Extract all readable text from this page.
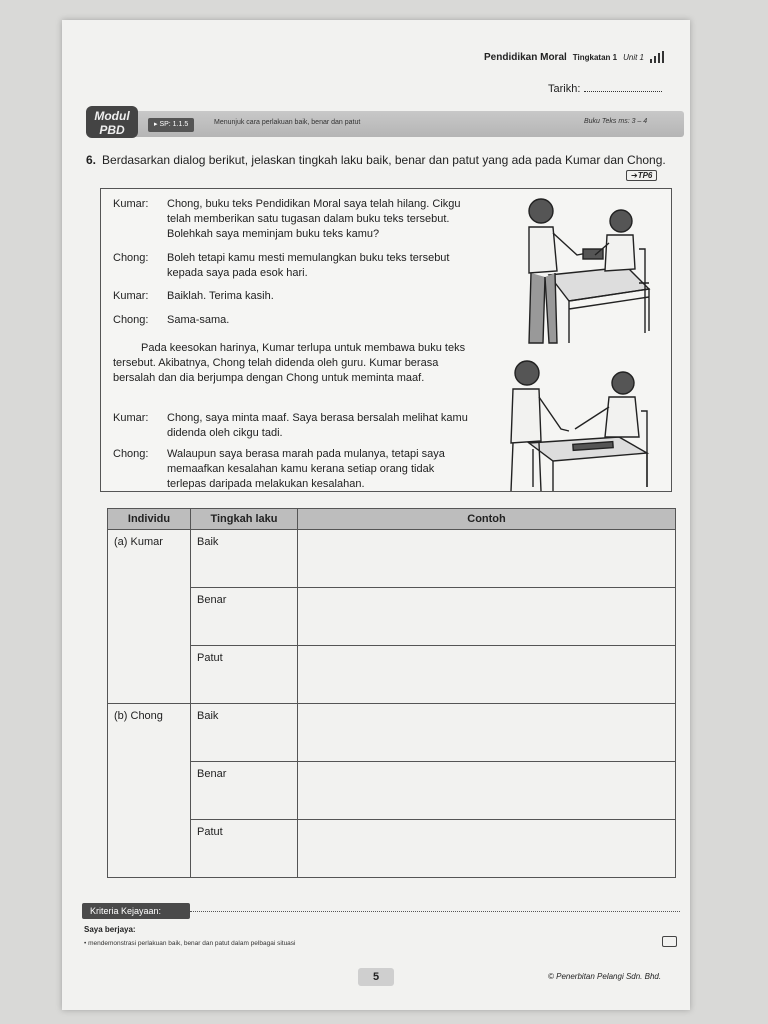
Pendidikan Moral Tingkatan 1 Unit 1
Tarikh:
Modul
PBD	▸ SP: 1.1.5	Menunjuk cara perlakuan baik, benar dan patut	Buku Teks ms: 3 – 4
6. Berdasarkan dialog berikut, jelaskan tingkah laku baik, benar dan patut yang ada pada Kumar dan Chong.
➔TP6
Kumar:	Chong, buku teks Pendidikan Moral saya telah hilang. Cikgu telah memberikan satu tugasan dalam buku teks tersebut. Bolehkah saya meminjam buku teks kamu?
Chong:	Boleh tetapi kamu mesti memulangkan buku teks tersebut kepada saya pada esok hari.
Kumar:	Baiklah. Terima kasih.
Chong:	Sama-sama.
Pada keesokan harinya, Kumar terlupa untuk membawa buku teks tersebut. Akibatnya, Chong telah didenda oleh guru. Kumar berasa bersalah dan dia berjumpa dengan Chong untuk meminta maaf.
Kumar:	Chong, saya minta maaf. Saya berasa bersalah melihat kamu didenda oleh cikgu tadi.
Chong:	Walaupun saya berasa marah pada mulanya, tetapi saya memaafkan kesalahan kamu kerana setiap orang tidak terlepas daripada melakukan kesalahan.
Individu	Tingkah laku	Contoh
(a) Kumar	Baik	
	Benar	
	Patut	
(b) Chong	Baik	
	Benar	
	Patut	
Kriteria Kejayaan:
Saya berjaya:
• mendemonstrasi perlakuan baik, benar dan patut dalam pelbagai situasi
5	© Penerbitan Pelangi Sdn. Bhd.
